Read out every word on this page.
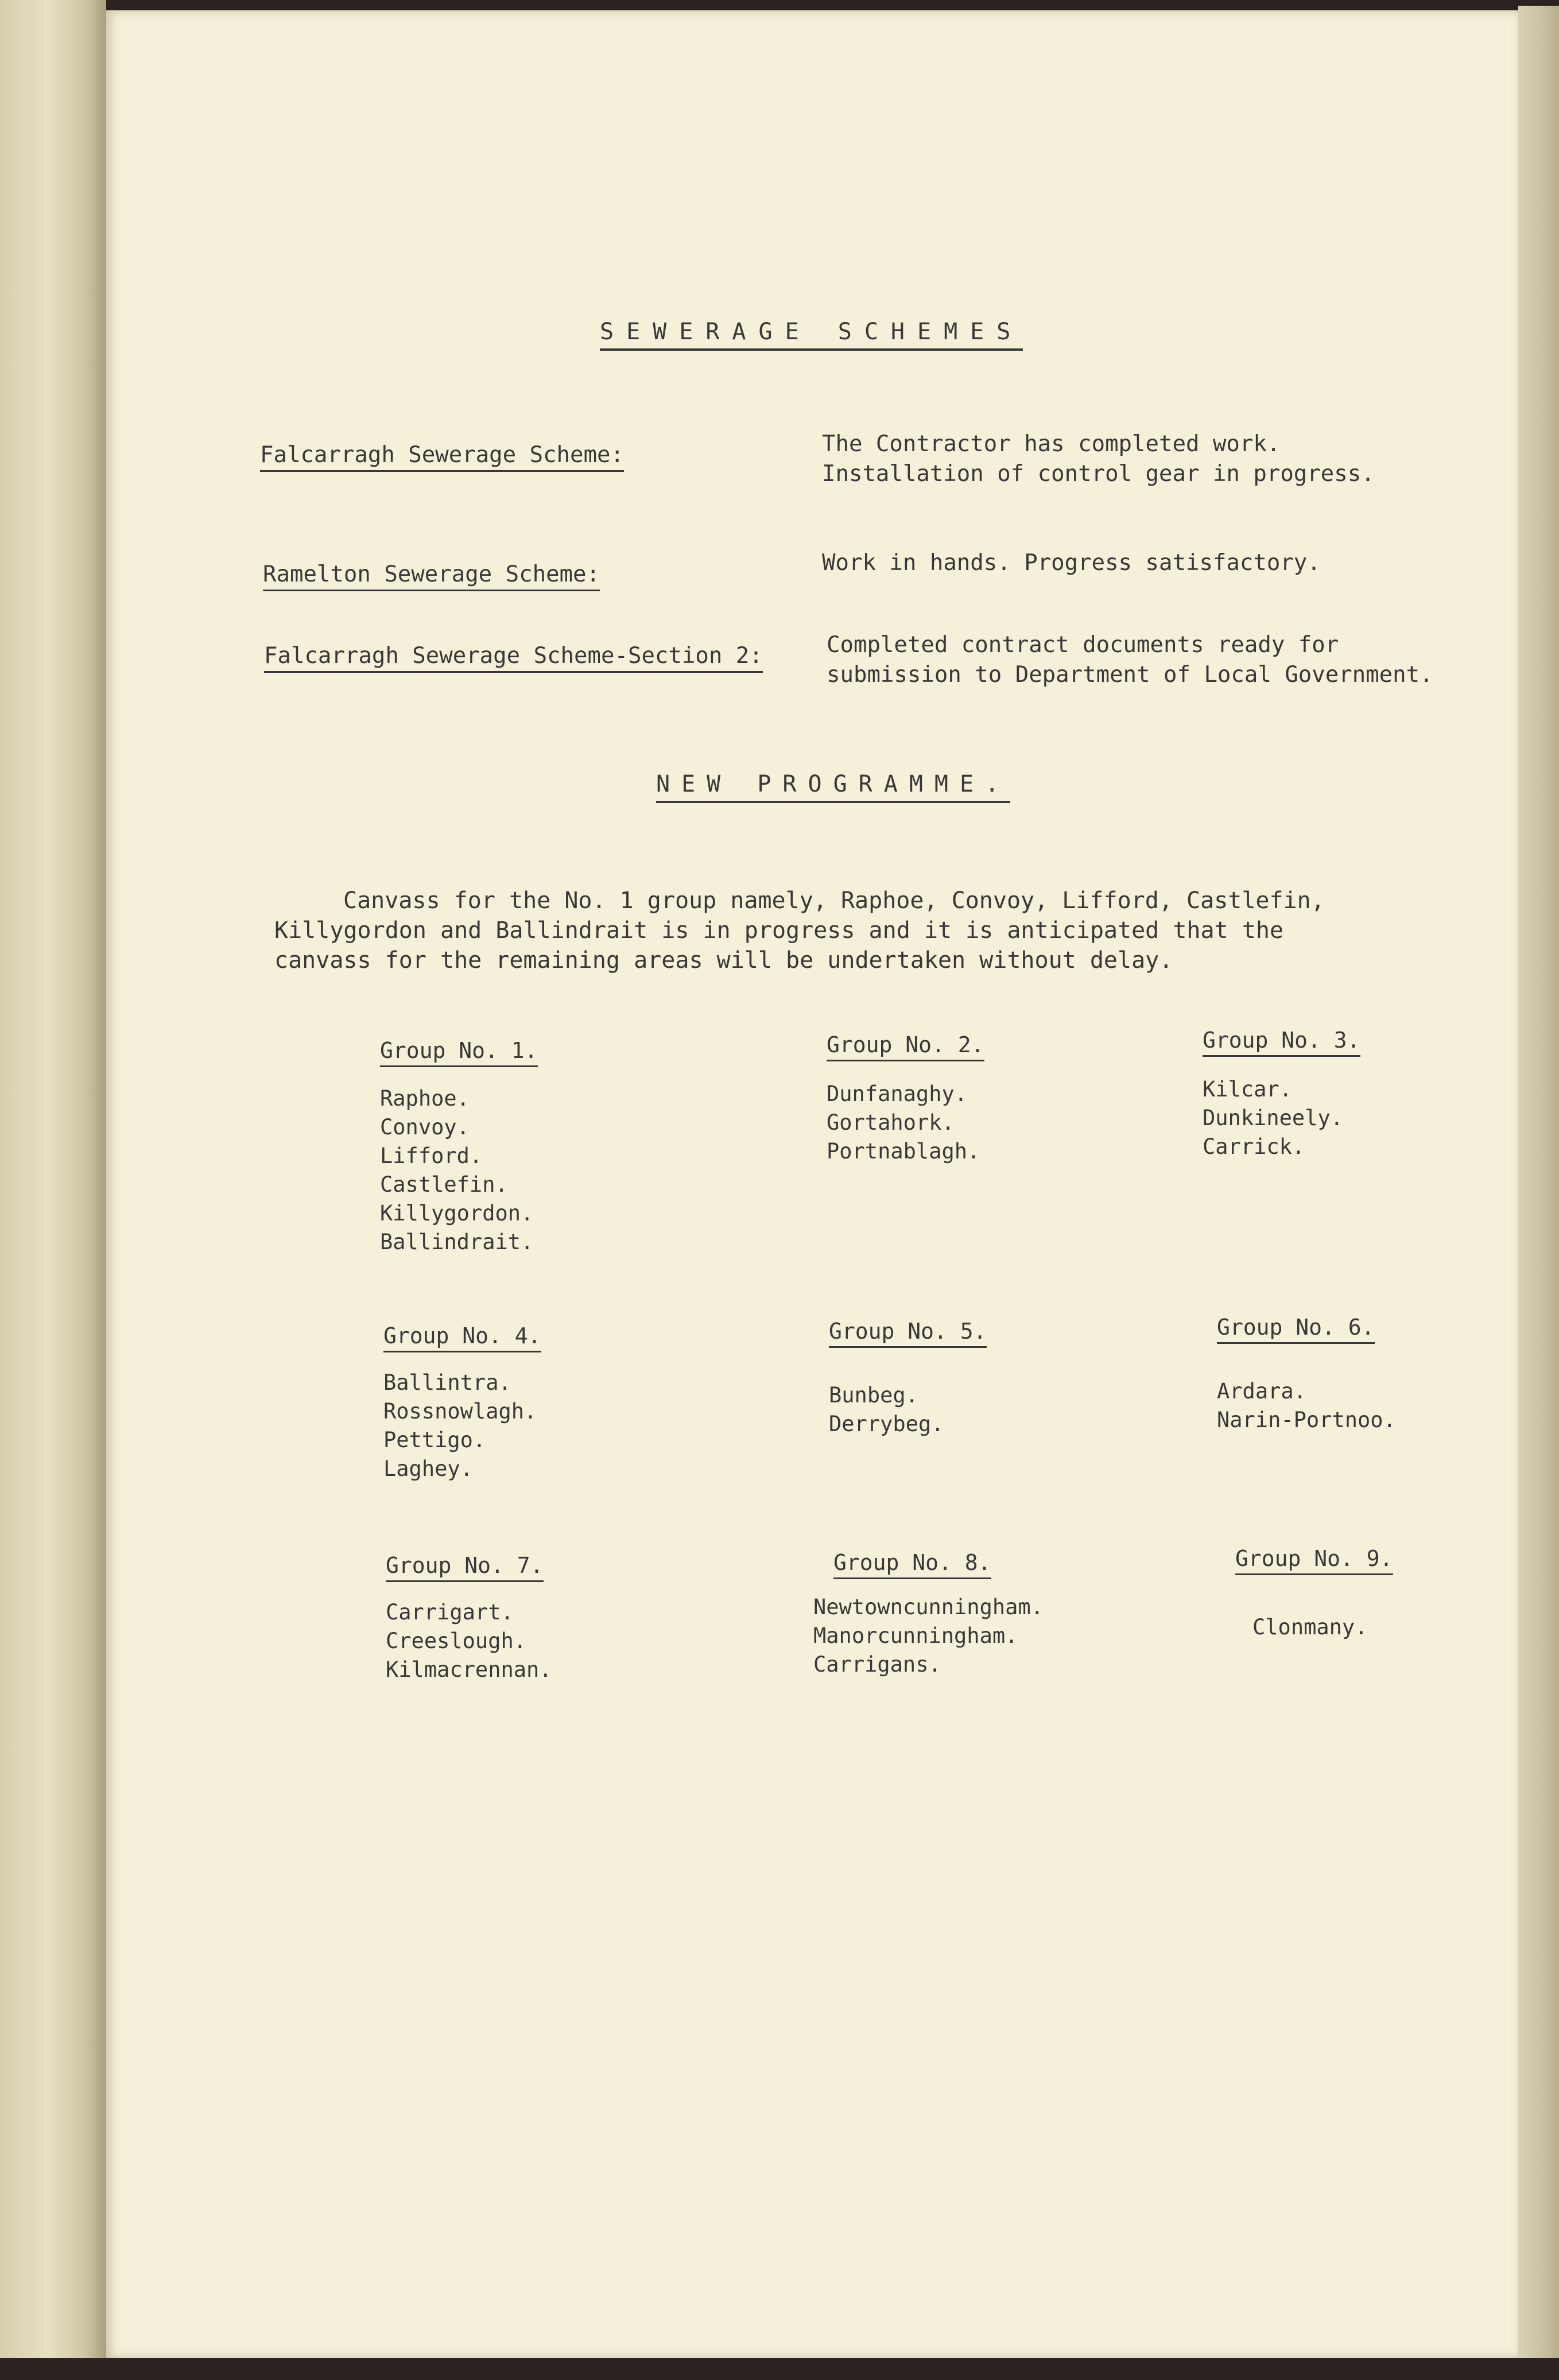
SEWERAGE SCHEMES
Falcarragh Sewerage Scheme:
Ramelton Sewerage Scheme:
Falcarragh Sewerage Scheme-Section 2:
The Contractor has completed work.
Installation of control gear in progress.
Work in hands. Progress satisfactory.
Completed contract documents ready for
submission to Department of Local Government.
NEW PROGRAMME.
Canvass for the No. 1 group namely, Raphoe, Convoy, Lifford, Castlefin,
Killygordon and Ballindrait is in progress and it is anticipated that the
canvass for the remaining areas will be undertaken without delay.
Group No. 1.
Raphoe.
Convoy.
Lifford.
Castlefin.
Killygordon.
Ballindrait.
Group No. 2.
Dunfanaghy.
Gortahork.
Portnablagh.
Group No. 3.
Kilcar.
Dunkineely.
Carrick.
Group No. 4.
Ballintra.
Rossnowlagh.
Pettigo.
Laghey.
Group No. 5.
Bunbeg.
Derrybeg.
Group No. 6.
Ardara.
Narin-Portnoo.
Group No. 7.
Carrigart.
Creeslough.
Kilmacrennan.
Group No. 8.
Newtowncunningham.
Manorcunningham.
Carrigans.
Group No. 9.
Clonmany.
